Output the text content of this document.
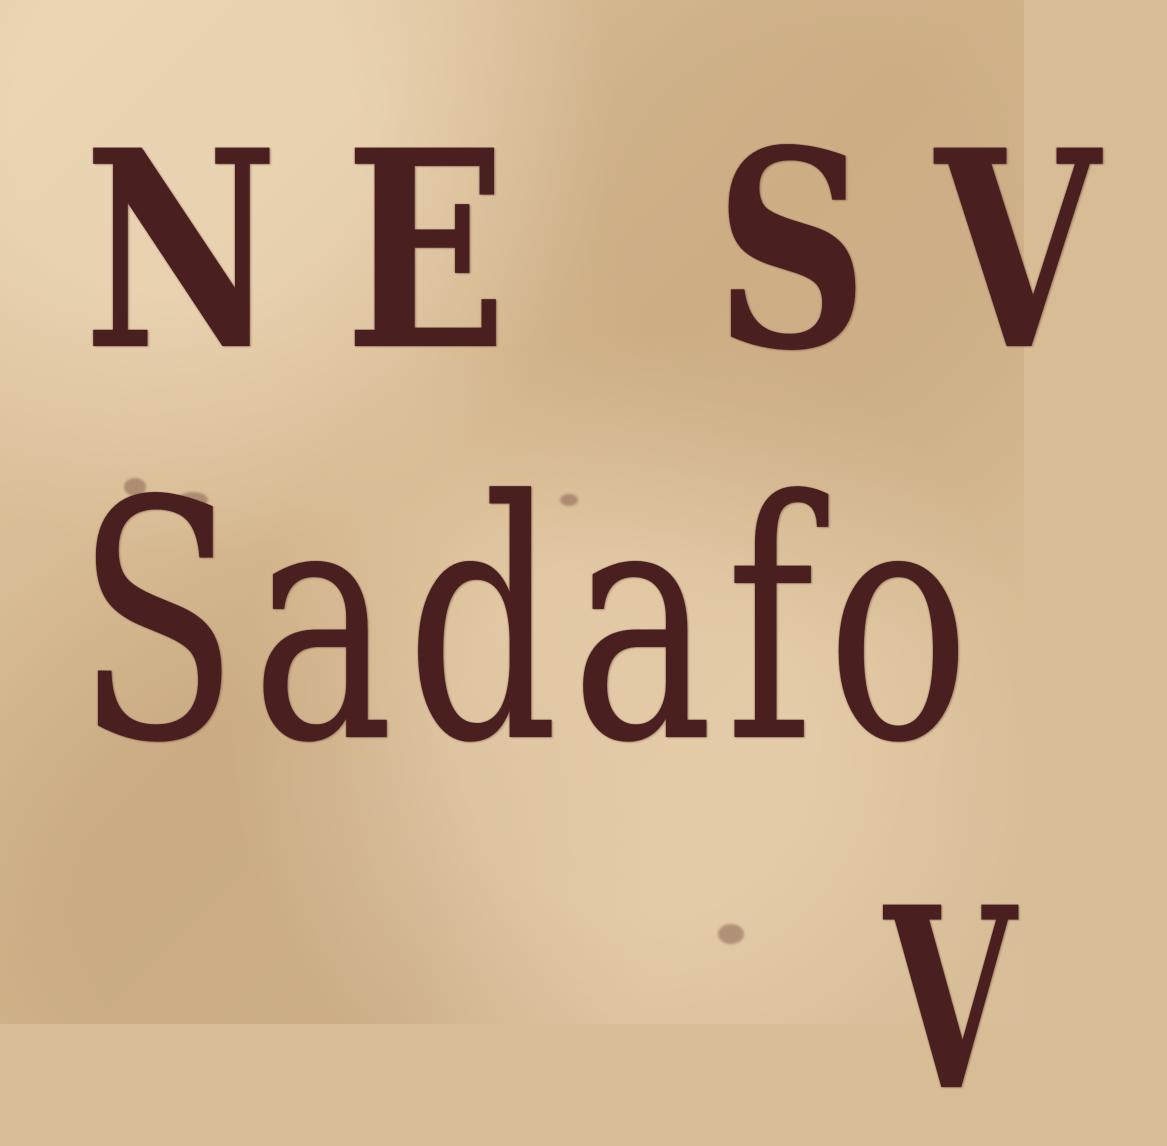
NE SV

Sadafo

V
